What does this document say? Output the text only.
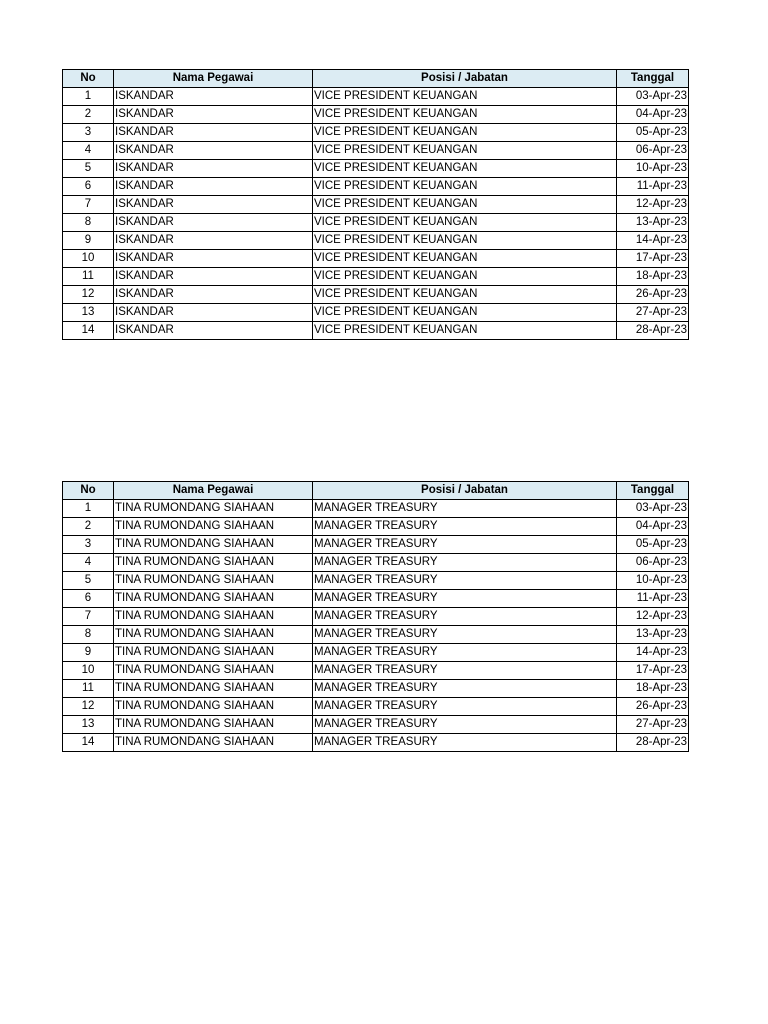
No	Nama Pegawai	Posisi / Jabatan	Tanggal
1	ISKANDAR	VICE PRESIDENT KEUANGAN	03-Apr-23
2	ISKANDAR	VICE PRESIDENT KEUANGAN	04-Apr-23
3	ISKANDAR	VICE PRESIDENT KEUANGAN	05-Apr-23
4	ISKANDAR	VICE PRESIDENT KEUANGAN	06-Apr-23
5	ISKANDAR	VICE PRESIDENT KEUANGAN	10-Apr-23
6	ISKANDAR	VICE PRESIDENT KEUANGAN	11-Apr-23
7	ISKANDAR	VICE PRESIDENT KEUANGAN	12-Apr-23
8	ISKANDAR	VICE PRESIDENT KEUANGAN	13-Apr-23
9	ISKANDAR	VICE PRESIDENT KEUANGAN	14-Apr-23
10	ISKANDAR	VICE PRESIDENT KEUANGAN	17-Apr-23
11	ISKANDAR	VICE PRESIDENT KEUANGAN	18-Apr-23
12	ISKANDAR	VICE PRESIDENT KEUANGAN	26-Apr-23
13	ISKANDAR	VICE PRESIDENT KEUANGAN	27-Apr-23
14	ISKANDAR	VICE PRESIDENT KEUANGAN	28-Apr-23
No	Nama Pegawai	Posisi / Jabatan	Tanggal
1	TINA RUMONDANG SIAHAAN	MANAGER TREASURY	03-Apr-23
2	TINA RUMONDANG SIAHAAN	MANAGER TREASURY	04-Apr-23
3	TINA RUMONDANG SIAHAAN	MANAGER TREASURY	05-Apr-23
4	TINA RUMONDANG SIAHAAN	MANAGER TREASURY	06-Apr-23
5	TINA RUMONDANG SIAHAAN	MANAGER TREASURY	10-Apr-23
6	TINA RUMONDANG SIAHAAN	MANAGER TREASURY	11-Apr-23
7	TINA RUMONDANG SIAHAAN	MANAGER TREASURY	12-Apr-23
8	TINA RUMONDANG SIAHAAN	MANAGER TREASURY	13-Apr-23
9	TINA RUMONDANG SIAHAAN	MANAGER TREASURY	14-Apr-23
10	TINA RUMONDANG SIAHAAN	MANAGER TREASURY	17-Apr-23
11	TINA RUMONDANG SIAHAAN	MANAGER TREASURY	18-Apr-23
12	TINA RUMONDANG SIAHAAN	MANAGER TREASURY	26-Apr-23
13	TINA RUMONDANG SIAHAAN	MANAGER TREASURY	27-Apr-23
14	TINA RUMONDANG SIAHAAN	MANAGER TREASURY	28-Apr-23
